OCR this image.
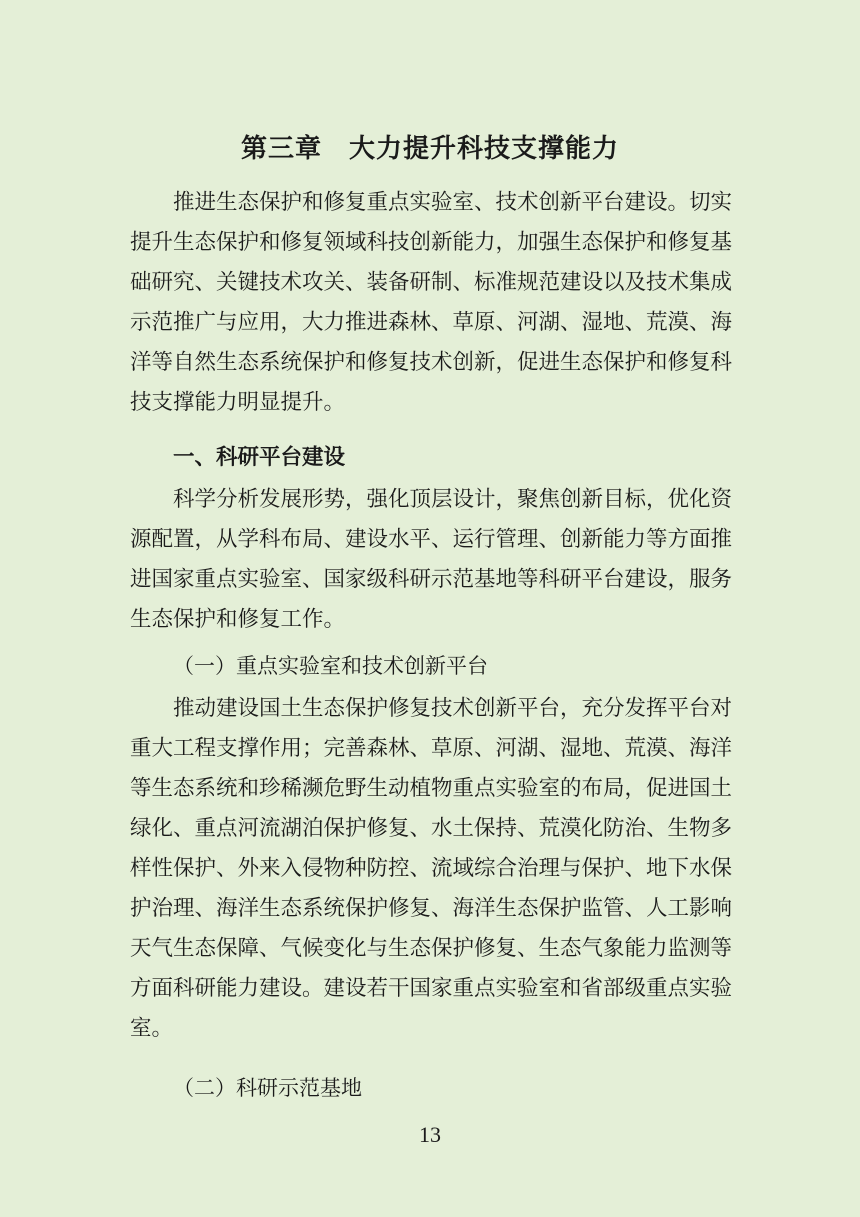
第三章　大力提升科技支撑能力
　　推进生态保护和修复重点实验室、技术创新平台建设。切实
提升生态保护和修复领域科技创新能力，加强生态保护和修复基
础研究、关键技术攻关、装备研制、标准规范建设以及技术集成
示范推广与应用，大力推进森林、草原、河湖、湿地、荒漠、海
洋等自然生态系统保护和修复技术创新，促进生态保护和修复科
技支撑能力明显提升。
一、科研平台建设
　　科学分析发展形势，强化顶层设计，聚焦创新目标，优化资
源配置，从学科布局、建设水平、运行管理、创新能力等方面推
进国家重点实验室、国家级科研示范基地等科研平台建设，服务
生态保护和修复工作。
（一）重点实验室和技术创新平台
　　推动建设国土生态保护修复技术创新平台，充分发挥平台对
重大工程支撑作用；完善森林、草原、河湖、湿地、荒漠、海洋
等生态系统和珍稀濒危野生动植物重点实验室的布局，促进国土
绿化、重点河流湖泊保护修复、水土保持、荒漠化防治、生物多
样性保护、外来入侵物种防控、流域综合治理与保护、地下水保
护治理、海洋生态系统保护修复、海洋生态保护监管、人工影响
天气生态保障、气候变化与生态保护修复、生态气象能力监测等
方面科研能力建设。建设若干国家重点实验室和省部级重点实验
室。
（二）科研示范基地
13
